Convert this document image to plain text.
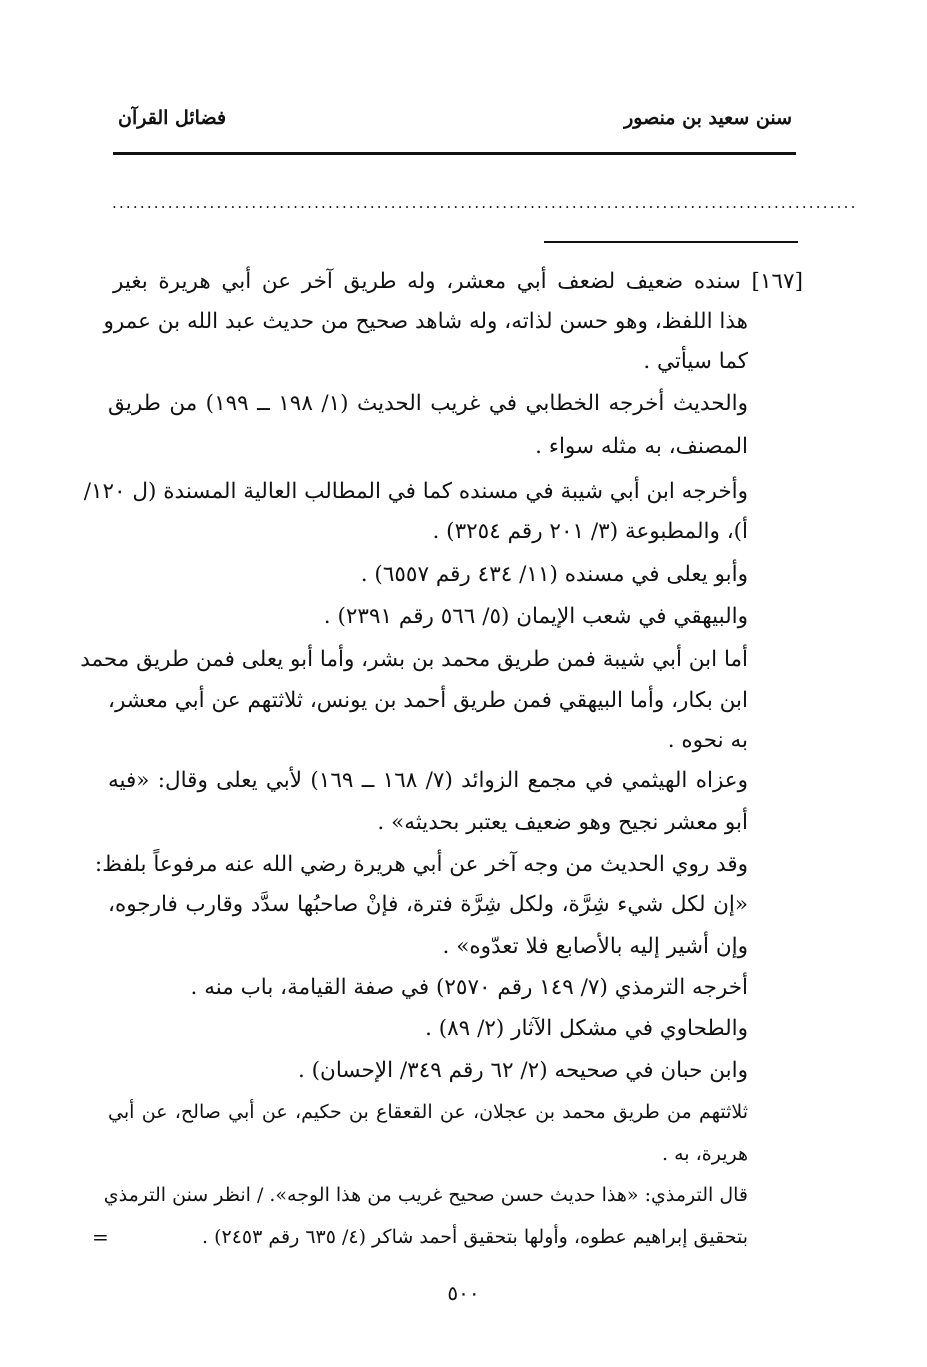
سنن سعيد بن منصور
فضائل القرآن
...........................................................................................................
[١٦٧] سنده ضعيف لضعف أبي معشر، وله طريق آخر عن أبي هريرة بغير
هذا اللفظ، وهو حسن لذاته، وله شاهد صحيح من حديث عبد الله بن عمرو
كما سيأتي .
والحديث أخرجه الخطابي في غريب الحديث (١/ ١٩٨ ــ ١٩٩) من طريق
المصنف، به مثله سواء .
وأخرجه ابن أبي شيبة في مسنده كما في المطالب العالية المسندة (ل ١٢٠/
أ)، والمطبوعة (٣/ ٢٠١ رقم ٣٢٥٤) .
وأبو يعلى في مسنده (١١/ ٤٣٤ رقم ٦٥٥٧) .
والبيهقي في شعب الإيمان (٥/ ٥٦٦ رقم ٢٣٩١) .
أما ابن أبي شيبة فمن طريق محمد بن بشر، وأما أبو يعلى فمن طريق محمد
ابن بكار، وأما البيهقي فمن طريق أحمد بن يونس، ثلاثتهم عن أبي معشر،
به نحوه .
وعزاه الهيثمي في مجمع الزوائد (٧/ ١٦٨ ــ ١٦٩) لأبي يعلى وقال: «فيه
أبو معشر نجيح وهو ضعيف يعتبر بحديثه» .
وقد روي الحديث من وجه آخر عن أبي هريرة رضي الله عنه مرفوعاً بلفظ:
«إن لكل شيء شِرَّة، ولكل شِرَّة فترة، فإنْ صاحبُها سدَّد وقارب فارجوه،
وإن أشير إليه بالأصابع فلا تعدّوه» .
أخرجه الترمذي (٧/ ١٤٩ رقم ٢٥٧٠) في صفة القيامة، باب منه .
والطحاوي في مشكل الآثار (٢/ ٨٩) .
وابن حبان في صحيحه (٢/ ٦٢ رقم ٣٤٩/ الإحسان) .
ثلاثتهم من طريق محمد بن عجلان، عن القعقاع بن حكيم، عن أبي صالح، عن أبي
هريرة، به .
قال الترمذي: «هذا حديث حسن صحيح غريب من هذا الوجه». / انظر سنن الترمذي
بتحقيق إبراهيم عطوه، وأولها بتحقيق أحمد شاكر (٤/ ٦٣٥ رقم ٢٤٥٣) .
=
٥٠٠
